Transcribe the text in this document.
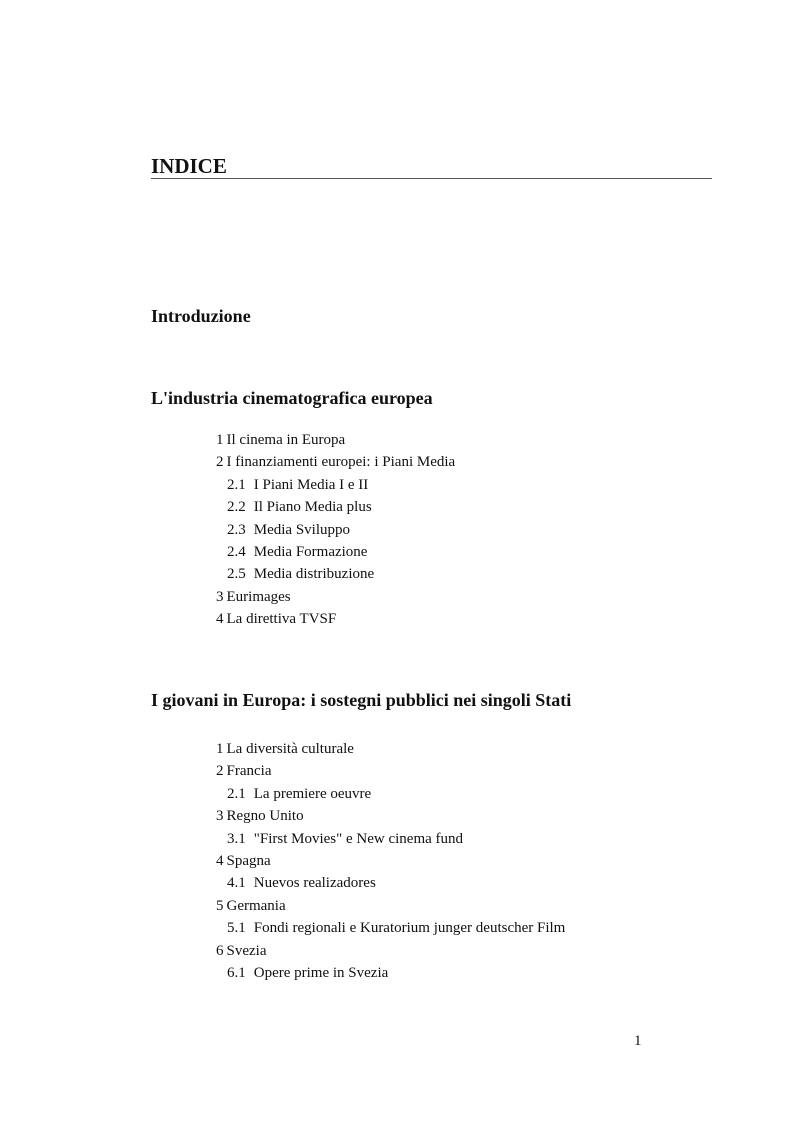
INDICE
Introduzione
L'industria cinematografica europea
1 Il cinema in Europa
2 I finanziamenti europei: i Piani Media
2.1 I Piani Media I e II
2.2 Il Piano Media plus
2.3 Media Sviluppo
2.4 Media Formazione
2.5 Media distribuzione
3 Eurimages
4 La direttiva TVSF
I giovani in Europa: i sostegni pubblici nei singoli Stati
1 La diversità culturale
2 Francia
2.1 La premiere oeuvre
3 Regno Unito
3.1 "First Movies" e New cinema fund
4 Spagna
4.1 Nuevos realizadores
5 Germania
5.1 Fondi regionali e Kuratorium junger deutscher Film
6 Svezia
6.1 Opere prime in Svezia
1
